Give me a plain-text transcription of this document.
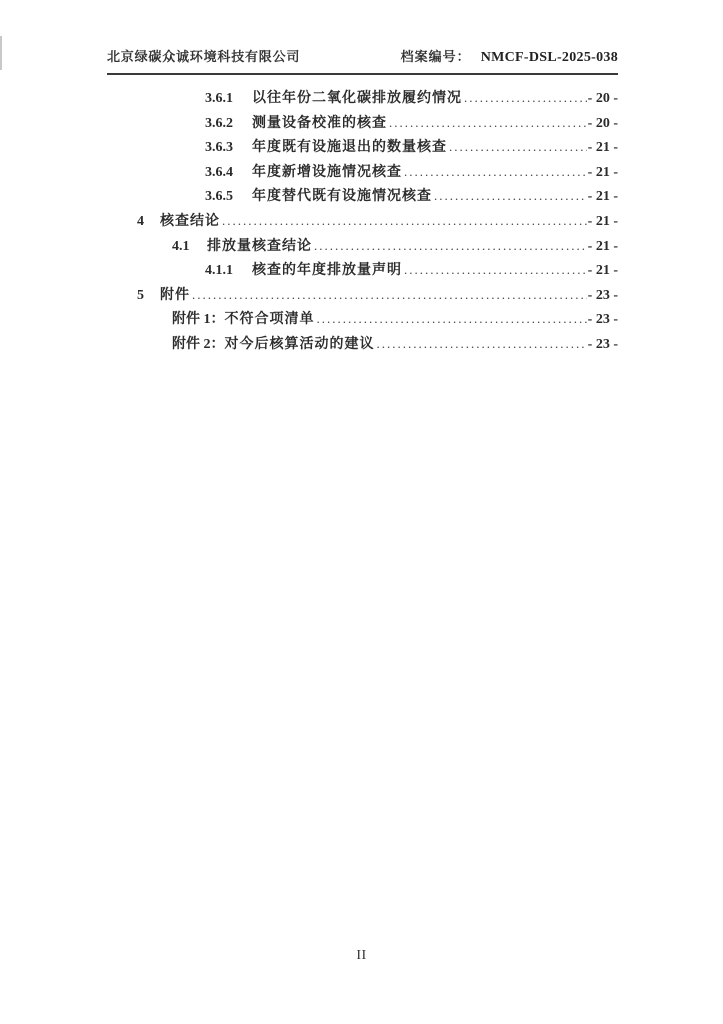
北京绿碳众诚环境科技有限公司	档案编号： NMCF-DSL-2025-038
3.6.1	以往年份二氧化碳排放履约情况 .....	- 20 -
3.6.2	测量设备校准的核查 .....	- 20 -
3.6.3	年度既有设施退出的数量核查 .....	- 21 -
3.6.4	年度新增设施情况核查 .....	- 21 -
3.6.5	年度替代既有设施情况核查 .....	- 21 -
4	核查结论 .....	- 21 -
4.1	排放量核查结论 .....	- 21 -
4.1.1	核查的年度排放量声明 .....	- 21 -
5	附件 .....	- 23 -
附件 1： 不符合项清单 .....	- 23 -
附件 2： 对今后核算活动的建议 .....	- 23 -
II
